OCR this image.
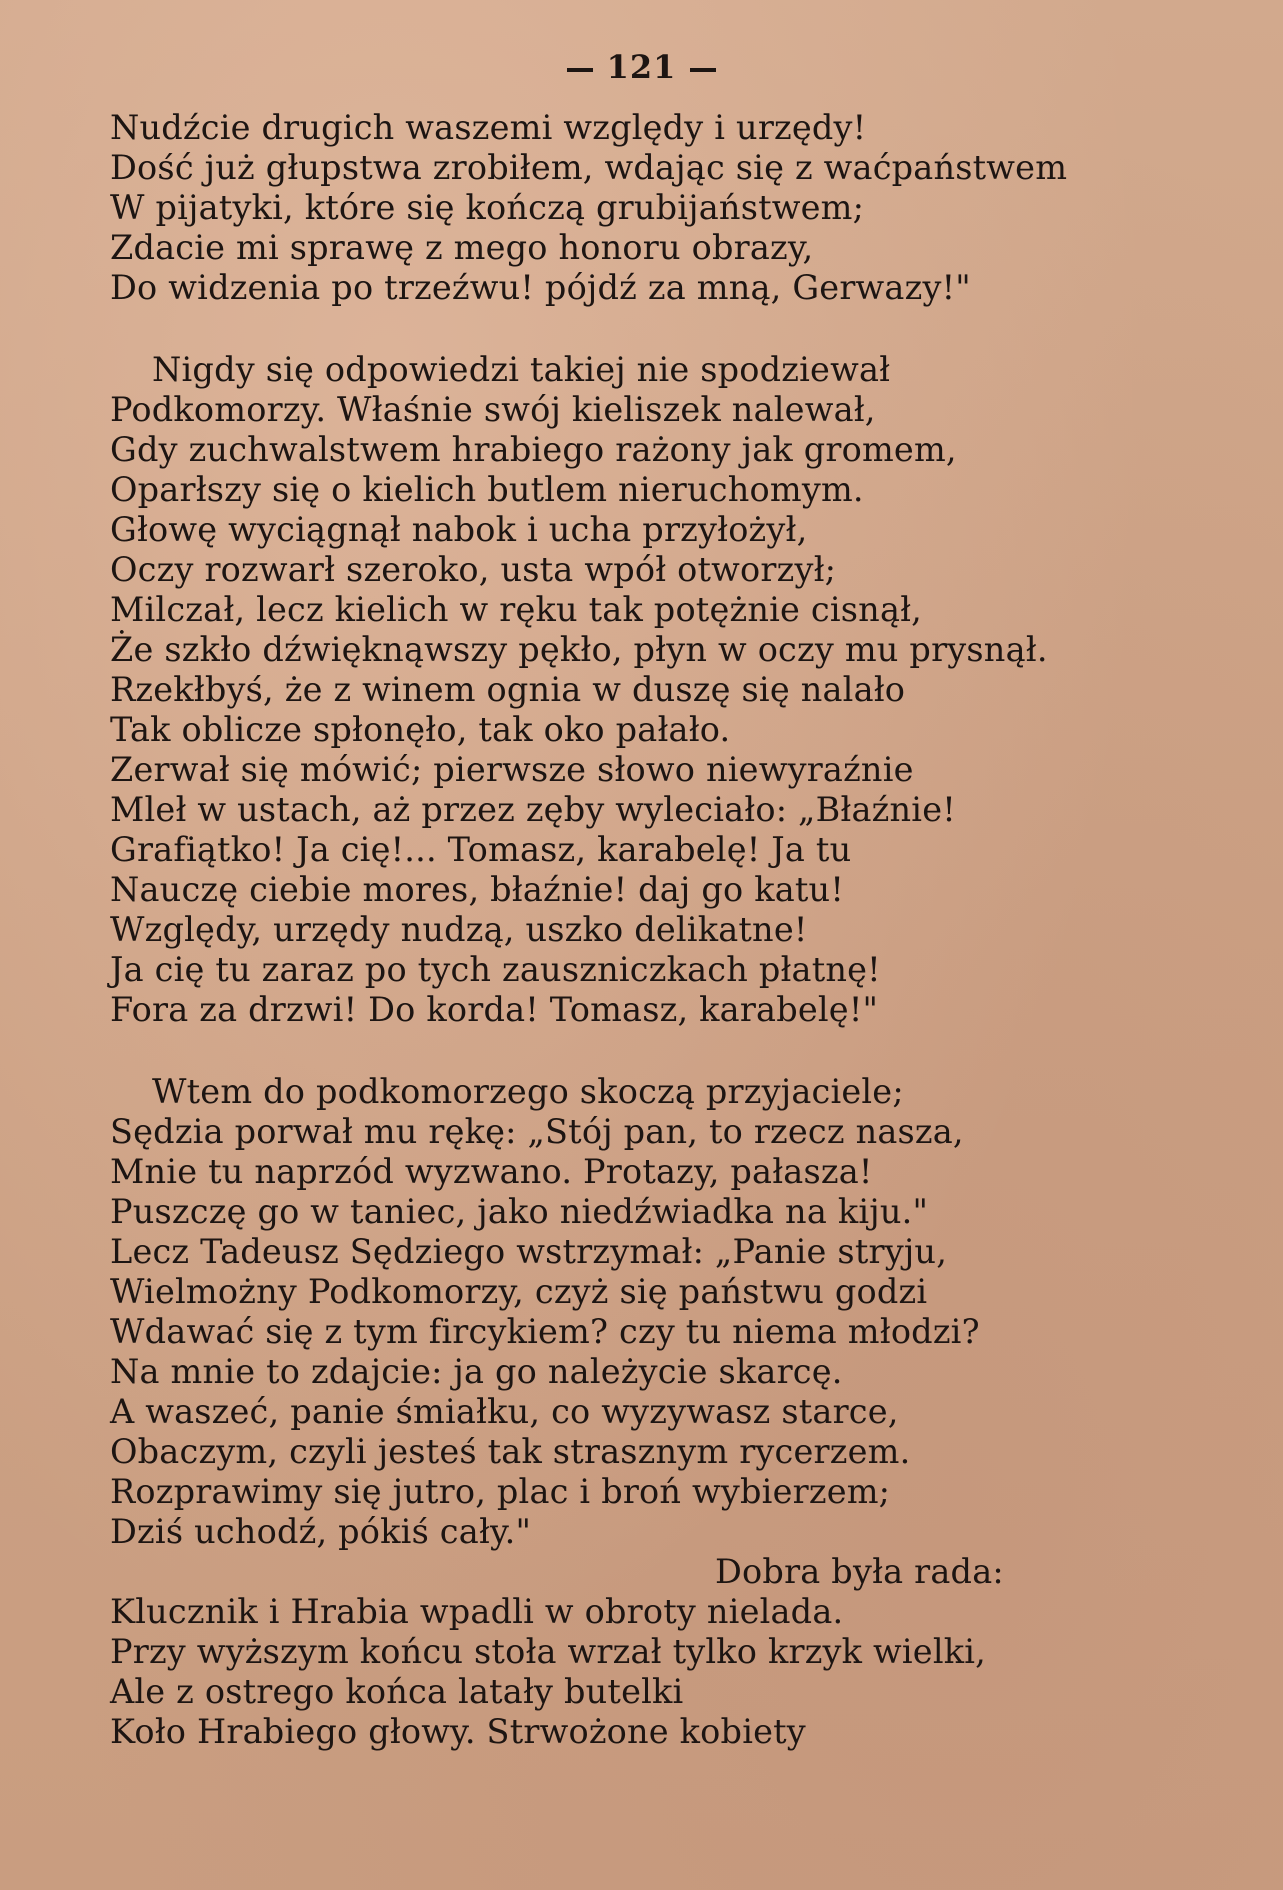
121
Nudźcie drugich waszemi względy i urzędy!
Dość już głupstwa zrobiłem, wdając się z waćpaństwem
W pijatyki, które się kończą grubijaństwem;
Zdacie mi sprawę z mego honoru obrazy,
Do widzenia po trzeźwu! pójdź za mną, Gerwazy!"
Nigdy się odpowiedzi takiej nie spodziewał
Podkomorzy. Właśnie swój kieliszek nalewał,
Gdy zuchwalstwem hrabiego rażony jak gromem,
Oparłszy się o kielich butlem nieruchomym.
Głowę wyciągnął nabok i ucha przyłożył,
Oczy rozwarł szeroko, usta wpół otworzył;
Milczał, lecz kielich w ręku tak potężnie cisnął,
Że szkło dźwięknąwszy pękło, płyn w oczy mu prysnął.
Rzekłbyś, że z winem ognia w duszę się nalało
Tak oblicze spłonęło, tak oko pałało.
Zerwał się mówić; pierwsze słowo niewyraźnie
Mleł w ustach, aż przez zęby wyleciało: „Błaźnie!
Grafiątko! Ja cię!... Tomasz, karabelę! Ja tu
Nauczę ciebie mores, błaźnie! daj go katu!
Względy, urzędy nudzą, uszko delikatne!
Ja cię tu zaraz po tych zauszniczkach płatnę!
Fora za drzwi! Do korda! Tomasz, karabelę!"
Wtem do podkomorzego skoczą przyjaciele;
Sędzia porwał mu rękę: „Stój pan, to rzecz nasza,
Mnie tu naprzód wyzwano. Protazy, pałasza!
Puszczę go w taniec, jako niedźwiadka na kiju."
Lecz Tadeusz Sędziego wstrzymał: „Panie stryju,
Wielmożny Podkomorzy, czyż się państwu godzi
Wdawać się z tym fircykiem? czy tu niema młodzi?
Na mnie to zdajcie: ja go należycie skarcę.
A waszeć, panie śmiałku, co wyzywasz starce,
Obaczym, czyli jesteś tak strasznym rycerzem.
Rozprawimy się jutro, plac i broń wybierzem;
Dziś uchodź, pókiś cały."
Dobra była rada:
Klucznik i Hrabia wpadli w obroty nielada.
Przy wyższym końcu stoła wrzał tylko krzyk wielki,
Ale z ostrego końca latały butelki
Koło Hrabiego głowy. Strwożone kobiety
